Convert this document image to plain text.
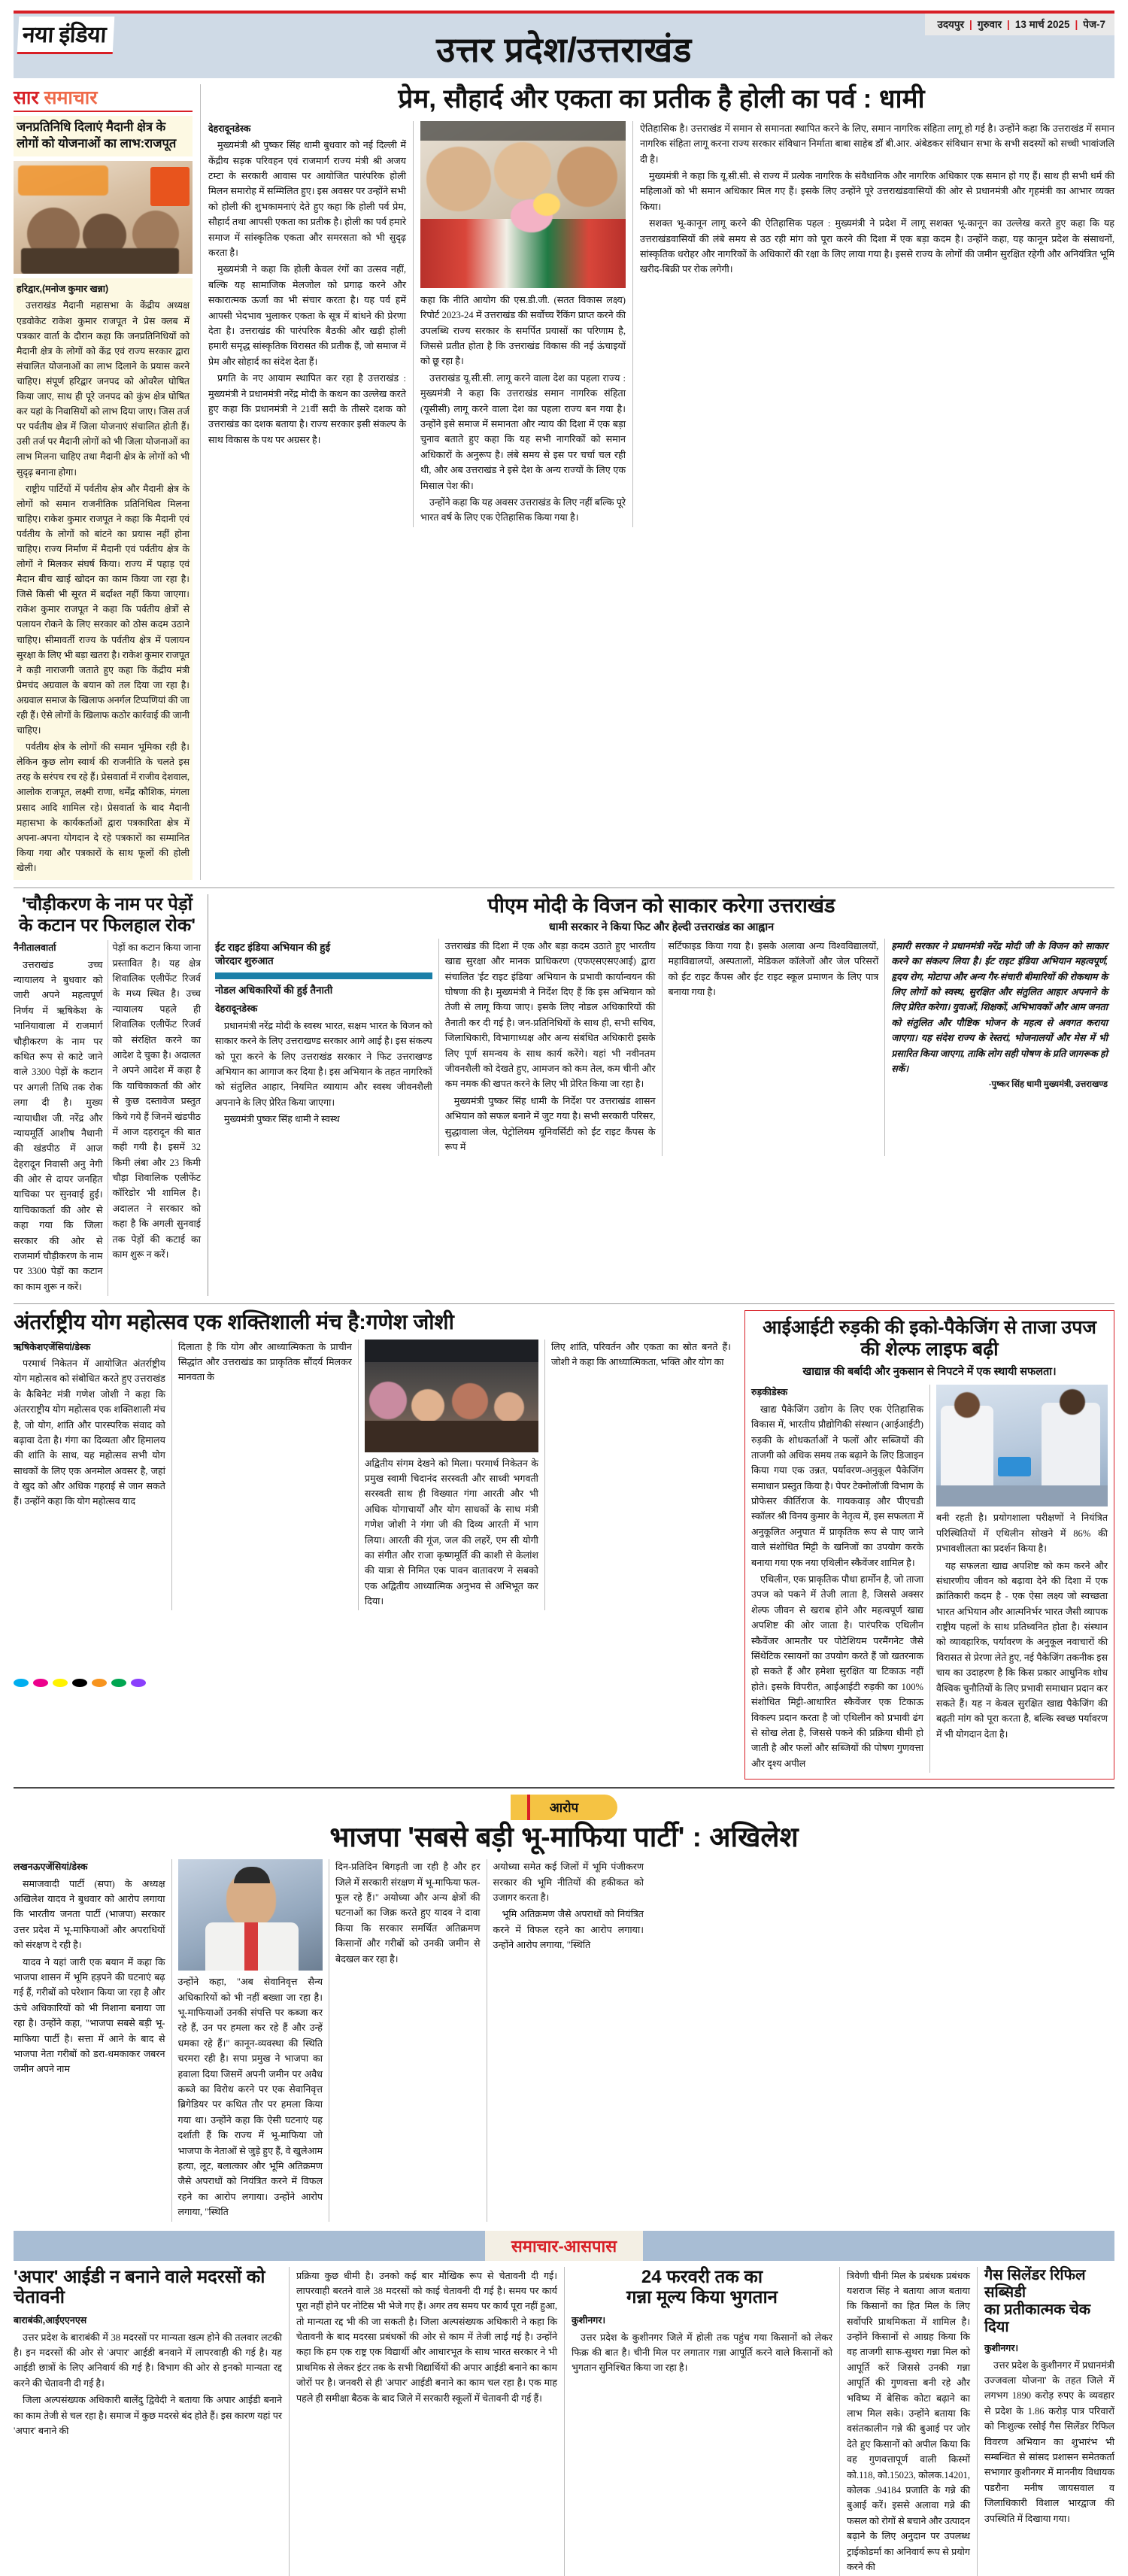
नया इंडिया	उत्तर प्रदेश/उत्तराखंड
उदयपुर | गुरुवार | 13 मार्च 2025 | पेज-7
सार समाचार
जनप्रतिनिधि दिलाएं मैदानी क्षेत्र के लोगों को योजनाओं का लाभ:राजपूत

हरिद्वार,(मनोज कुमार खन्ना)

उत्तराखंड मैदानी महासभा के केंद्रीय अध्यक्ष एडवोकेट राकेश कुमार राजपूत ने प्रेस क्लब में पत्रकार वार्ता के दौरान कहा कि जनप्रतिनिधियों को मैदानी क्षेत्र के लोगों को केंद्र एवं राज्य सरकार द्वारा संचालित योजनाओं का लाभ दिलाने के प्रयास करने चाहिए। संपूर्ण हरिद्वार जनपद को ओवरैल घोषित किया जाए, साथ ही पूरे जनपद को कुंभ क्षेत्र घोषित कर यहां के निवासियों को लाभ दिया जाए। जिस तर्ज पर पर्वतीय क्षेत्र में जिला योजनाएं संचालित होती हैं। उसी तर्ज पर मैदानी लोगों को भी जिला योजनाओं का लाभ मिलना चाहिए तथा मैदानी क्षेत्र के लोगों को भी सुदृढ़ बनाना होगा।

राष्ट्रीय पार्टियों में पर्वतीय क्षेत्र और मैदानी क्षेत्र के लोगों को समान राजनीतिक प्रतिनिधित्व मिलना चाहिए। राकेश कुमार राजपूत ने कहा कि मैदानी एवं पर्वतीय के लोगों को बांटने का प्रयास नहीं होना चाहिए। राज्य निर्माण में मैदानी एवं पर्वतीय क्षेत्र के लोगों ने मिलकर संघर्ष किया। राज्य में पहाड़ एवं मैदान बीच खाई खोदन का काम किया जा रहा है। जिसे किसी भी सूरत में बर्दाश्त नहीं किया जाएगा। राकेश कुमार राजपूत ने कहा कि पर्वतीय क्षेत्रों से पलायन रोकने के लिए सरकार को ठोस कदम उठाने चाहिए। सीमावर्ती राज्य के पर्वतीय क्षेत्र में पलायन सुरक्षा के लिए भी बड़ा खतरा है। राकेश कुमार राजपूत ने कड़ी नाराजगी जताते हुए कहा कि केंद्रीय मंत्री प्रेमचंद अग्रवाल के बयान को तल दिया जा रहा है। अग्रवाल समाज के खिलाफ अनर्गल टिप्पणियां की जा रही हैं। ऐसे लोगों के खिलाफ कठोर कार्रवाई की जानी चाहिए।

पर्वतीय क्षेत्र के लोगों की समान भूमिका रही है। लेकिन कुछ लोग स्वार्थ की राजनीति के चलते इस तरह के सरंपच रच रहे हैं। प्रेसवार्ता में राजीव देशवाल, आलोक राजपूत, लक्ष्मी राणा, धर्मेंद्र कौशिक, मंगला प्रसाद आदि शामिल रहे। प्रेसवार्ता के बाद मैदानी महासभा के कार्यकर्ताओं द्वारा पत्रकारिता क्षेत्र में अपना-अपना योगदान दे रहे पत्रकारों का सम्मानित किया गया और पत्रकारों के साथ फूलों की होली खेली।

प्रेम, सौहार्द और एकता का प्रतीक है होली का पर्व : धामी

देहरादूनडेस्क

मुख्यमंत्री श्री पुष्कर सिंह धामी बुधवार को नई दिल्ली में केंद्रीय सड़क परिवहन एवं राजमार्ग राज्य मंत्री श्री अजय टम्टा के सरकारी आवास पर आयोजित पारंपरिक होली मिलन समारोह में सम्मिलित हुए। इस अवसर पर उन्होंने सभी को होली की शुभकामनाएं देते हुए कहा कि होली पर्व प्रेम, सौहार्द तथा आपसी एकता का प्रतीक है। होली का पर्व हमारे समाज में सांस्कृतिक एकता और समरसता को भी सुदृढ़ करता है।

मुख्यमंत्री ने कहा कि होली केवल रंगों का उत्सव नहीं, बल्कि यह सामाजिक मेलजोल को प्रगाढ़ करने और सकारात्मक ऊर्जा का भी संचार करता है। यह पर्व हमें आपसी भेदभाव भुलाकर एकता के सूत्र में बांधने की प्रेरणा देता है। उत्तराखंड की पारंपरिक बैठकी और खड़ी होली हमारी समृद्ध सांस्कृतिक विरासत की प्रतीक हैं, जो समाज में प्रेम और सोहार्द का संदेश देता हैं।

प्रगति के नए आयाम स्थापित कर रहा है उत्तराखंड : मुख्यमंत्री ने प्रधानमंत्री नरेंद्र मोदी के कथन का उल्लेख करते हुए कहा कि प्रधानमंत्री ने 21वीं सदी के तीसरे दशक को उत्तराखंड का दशक बताया है। राज्य सरकार इसी संकल्प के साथ विकास के पथ पर अग्रसर है।

कहा कि नीति आयोग की एस.डी.जी. (सतत विकास लक्ष्य) रिपोर्ट 2023-24 में उत्तराखंड की सर्वोच्च रैंकिंग प्राप्त करने की उपलब्धि राज्य सरकार के समर्पित प्रयासों का परिणाम है, जिससे प्रतीत होता है कि उत्तराखंड विकास की नई ऊंचाइयों को छू रहा है।

उत्तराखंड यू.सी.सी. लागू करने वाला देश का पहला राज्य : मुख्यमंत्री ने कहा कि उत्तराखंड समान नागरिक संहिता (यूसीसी) लागू करने वाला देश का पहला राज्य बन गया है। उन्होंने इसे समाज में समानता और न्याय की दिशा में एक बड़ा चुनाव बताते हुए कहा कि यह सभी नागरिकों को समान अधिकारों के अनुरूप है। लंबे समय से इस पर चर्चा चल रही थी, और अब उत्तराखंड ने इसे देश के अन्य राज्यों के लिए एक मिसाल पेश की।

उन्होंने कहा कि यह अवसर उत्तराखंड के लिए नहीं बल्कि पूरे भारत वर्ष के लिए एक ऐतिहासिक किया गया है।

ऐतिहासिक है। उत्तराखंड में समान से समानता स्थापित करने के लिए, समान नागरिक संहिता लागू हो गई है। उन्होंने कहा कि उत्तराखंड में समान नागरिक संहिता लागू करना राज्य सरकार संविधान निर्माता बाबा साहेब डॉ बी.आर. अंबेडकर संविधान सभा के सभी सदस्यों को सच्ची भावांजलि दी है।

मुख्यमंत्री ने कहा कि यू.सी.सी. से राज्य में प्रत्येक नागरिक के संवैधानिक और नागरिक अधिकार एक समान हो गए हैं। साथ ही सभी धर्म की महिलाओं को भी समान अधिकार मिल गए हैं। इसके लिए उन्होंने पूरे उत्तराखंडवासियों की ओर से प्रधानमंत्री और गृहमंत्री का आभार व्यक्त किया।

सशक्त भू-कानून लागू करने की ऐतिहासिक पहल : मुख्यमंत्री ने प्रदेश में लागू सशक्त भू-कानून का उल्लेख करते हुए कहा कि यह उत्तराखंडवासियों की लंबे समय से उठ रही मांग को पूरा करने की दिशा में एक बड़ा कदम है। उन्होंने कहा, यह कानून प्रदेश के संसाधनों, सांस्कृतिक धरोहर और नागरिकों के अधिकारों की रक्षा के लिए लाया गया है। इससे राज्य के लोगों की जमीन सुरक्षित रहेगी और अनियंत्रित भूमि खरीद-बिक्री पर रोक लगेगी।

'चौड़ीकरण के नाम पर पेड़ों
के कटान पर फिलहाल रोक'

नैनीतालवार्ता

उत्तराखंड उच्च न्यायालय ने बुधवार को जारी अपने महत्वपूर्ण निर्णय में ऋषिकेश के भानियावाला में राजमार्ग चौड़ीकरण के नाम पर कथित रूप से काटे जाने वाले 3300 पेड़ों के कटान पर अगली तिथि तक रोक लगा दी है। मुख्य न्यायाधीश जी. नरेंद्र और न्यायमूर्ति आशीष नैथानी की खंडपीठ में आज देहरादून निवासी अनु नेगी की ओर से दायर जनहित याचिका पर सुनवाई हुई। याचिकाकर्ता की ओर से कहा गया कि जिला सरकार की ओर से राजमार्ग चौड़ीकरण के नाम पर 3300 पेड़ों का कटान का काम शुरू न करें।

पेड़ों का कटान किया जाना प्रस्तावित है। यह क्षेत्र शिवालिक एलीफेंट रिजर्व के मध्य स्थित है। उच्च न्यायालय पहले ही शिवालिक एलीफेंट रिजर्व को संरक्षित करने का आदेश दे चुका है। अदालत ने अपने आदेश में कहा है कि याचिकाकर्ता की ओर से कुछ दस्तावेज प्रस्तुत किये गये हैं जिनमें खंडपीठ में आज दहरादून की बात कही गयी है। इसमें 32 किमी लंबा और 23 किमी चौड़ा शिवालिक एलीफेंट कॉरिडोर भी शामिल है। अदालत ने सरकार को कहा है कि अगली सुनवाई तक पेड़ों की कटाई का काम शुरू न करें।

पीएम मोदी के विजन को साकार करेगा उत्तराखंड
धामी सरकार ने किया फिट और हेल्दी उत्तराखंड का आह्वान
ईट राइट इंडिया अभियान की हुई
जोरदार शुरुआत
नोडल अधिकारियों की हुई तैनाती

देहरादूनडेस्क

प्रधानमंत्री नरेंद्र मोदी के स्वस्थ भारत, सक्षम भारत के विजन को साकार करने के लिए उत्तराखण्ड सरकार आगे आई है। इस संकल्प को पूरा करने के लिए उत्तराखंड सरकार ने फिट उत्तराखण्ड अभियान का आगाज कर दिया है। इस अभियान के तहत नागरिकों को संतुलित आहार, नियमित व्यायाम और स्वस्थ जीवनशैली अपनाने के लिए प्रेरित किया जाएगा।

मुख्यमंत्री पुष्कर सिंह धामी ने स्वस्थ

उत्तराखंड की दिशा में एक और बड़ा कदम उठाते हुए भारतीय खाद्य सुरक्षा और मानक प्राधिकरण (एफएसएसएआई) द्वारा संचालित 'ईट राइट इंडिया' अभियान के प्रभावी कार्यान्वयन की घोषणा की है। मुख्यमंत्री ने निर्देश दिए हैं कि इस अभियान को तेजी से लागू किया जाए। इसके लिए नोडल अधिकारियों की तैनाती कर दी गई है। जन-प्रतिनिधियों के साथ ही, सभी सचिव, जिलाधिकारी, विभागाध्यक्ष और अन्य संबंधित अधिकारी इसके लिए पूर्ण समन्वय के साथ कार्य करेंगे। यहां भी नवीनतम जीवनशैली को देखते हुए, आमजन को कम तेल, कम चीनी और कम नमक की खपत करने के लिए भी प्रेरित किया जा रहा है।

मुख्यमंत्री पुष्कर सिंह धामी के निर्देश पर उत्तराखंड शासन अभियान को सफल बनाने में जुट गया है। सभी सरकारी परिसर, सुद्धावाला जेल, पेट्रोलियम यूनिवर्सिटी को ईट राइट कैंपस के रूप में

सर्टिफाइड किया गया है। इसके अलावा अन्य विश्वविद्यालयों, महाविद्यालयों, अस्पतालों, मेडिकल कॉलेजों और जेल परिसरों को ईट राइट कैंपस और ईट राइट स्कूल प्रमाणन के लिए पात्र बनाया गया है।

हमारी सरकार ने प्रधानमंत्री नरेंद्र मोदी जी के विजन को साकार करने का संकल्प लिया है। ईट राइट इंडिया अभियान महत्वपूर्ण, हृदय रोग, मोटापा और अन्य गैर-संचारी बीमारियों की रोकथाम के लिए लोगों को स्वस्थ, सुरक्षित और संतुलित आहार अपनाने के लिए प्रेरित करेगा। युवाओं, शिक्षकों, अभिभावकों और आम जनता को संतुलित और पौष्टिक भोजन के महत्व से अवगत कराया जाएगा। यह संदेश राज्य के रेस्तरां, भोजनालयों और मेस में भी प्रसारित किया जाएगा, ताकि लोग सही पोषण के प्रति जागरूक हो सकें।

-पुष्कर सिंह धामी मुख्यमंत्री, उत्तराखण्ड

अंतर्राष्ट्रीय योग महोत्सव एक शक्तिशाली मंच है:गणेश जोशी

ऋषिकेशएजेंसियां/डेस्क

परमार्थ निकेतन में आयोजित अंतर्राष्ट्रीय योग महोत्सव को संबोधित करते हुए उत्तराखंड के कैबिनेट मंत्री गणेश जोशी ने कहा कि अंतरराष्ट्रीय योग महोत्सव एक शक्तिशाली मंच है, जो योग, शांति और पारस्परिक संवाद को बढ़ावा देता है। गंगा का दिव्यता और हिमालय की शांति के साथ, यह महोत्सव सभी योग साधकों के लिए एक अनमोल अवसर है, जहां वे खुद को और अधिक गहराई से जान सकते हैं। उन्होंने कहा कि योग महोत्सव याद

दिलाता है कि योग और आध्यात्मिकता के प्राचीन सिद्धांत और उत्तराखंड का प्राकृतिक सौंदर्य मिलकर मानवता के

अद्वितीय संगम देखने को मिला। परमार्थ निकेतन के प्रमुख स्वामी चिदानंद सरस्वती और साध्वी भगवती सरस्वती साथ ही विख्यात गंगा आरती और भी अधिक योगाचार्यों और योग साधकों के साथ मंत्री गणेश जोशी ने गंगा जी की दिव्य आरती में भाग लिया। आरती की गूंज, जल की लहरें, एम सी योगी का संगीत और राजा कृष्णमूर्ति की काशी से केलांश की यात्रा से निमित एक पावन वातावरण ने सबको एक अद्वितीय आध्यात्मिक अनुभव से अभिभूत कर दिया।

लिए शांति, परिवर्तन और एकता का स्रोत बनते हैं। जोशी ने कहा कि आध्यात्मिकता, भक्ति और योग का

आईआईटी रुड़की की इको-पैकेजिंग से ताजा उपज की शेल्फ लाइफ बढ़ी
खाद्यान्न की बर्बादी और नुकसान से निपटने में एक स्थायी सफलता।

रुड़कीडेस्क

खाद्य पैकेजिंग उद्योग के लिए एक ऐतिहासिक विकास में, भारतीय प्रौद्योगिकी संस्थान (आईआईटी) रुड़की के शोधकर्ताओं ने फलों और सब्जियों की ताजगी को अधिक समय तक बढ़ाने के लिए डिजाइन किया गया एक उन्नत, पर्यावरण-अनुकूल पैकेजिंग समाधान प्रस्तुत किया है। पेपर टेक्नोलॉजी विभाग के प्रोफेसर कीर्तिराज के. गायकवाड़ और पीएचडी स्कॉलर श्री विनय कुमार के नेतृत्व में, इस सफलता में अनुकूलित अनुपात में प्राकृतिक रूप से पाए जाने वाले संशोधित मिट्टी के खनिजों का उपयोग करके बनाया गया एक नया एथिलीन स्कैवेंजर शामिल है।

एथिलीन, एक प्राकृतिक पौधा हार्मोन है, जो ताजा उपज को पकने में तेजी लाता है, जिससे अक्सर शेल्फ जीवन से खराब होने और महत्वपूर्ण खाद्य अपशिष्ट की ओर जाता है। पारंपरिक एथिलीन स्कैवेंजर आमतौर पर पोटेशियम परमैंगनेट जैसे सिंथेटिक रसायनों का उपयोग करते हैं जो खतरनाक हो सकते हैं और हमेशा सुरक्षित या टिकाऊ नहीं होते। इसके विपरीत, आईआईटी रुड़की का 100% संशोधित मिट्टी-आधारित स्कैवेंजर एक टिकाऊ विकल्प प्रदान करता है जो एथिलीन को प्रभावी ढंग से सोख लेता है, जिससे पकने की प्रक्रिया धीमी हो जाती है और फलों और सब्जियों की पोषण गुणवत्ता और दृश्य अपील

बनी रहती है। प्रयोगशाला परीक्षणों ने नियंत्रित परिस्थितियों में एथिलीन सोखने में 86% की प्रभावशीलता का प्रदर्शन किया है।

यह सफलता खाद्य अपशिष्ट को कम करने और संधारणीय जीवन को बढ़ावा देने की दिशा में एक क्रांतिकारी कदम है - एक ऐसा लक्ष्य जो स्वच्छता भारत अभियान और आत्मनिर्भर भारत जैसी व्यापक राष्ट्रीय पहलों के साथ प्रतिध्वनित होता है। संस्थान को व्यावहारिक, पर्यावरण के अनुकूल नवाचारों की विरासत से प्रेरणा लेते हुए, नई पैकेजिंग तकनीक इस चाय का उदाहरण है कि किस प्रकार आधुनिक शोध वैश्विक चुनौतियों के लिए प्रभावी समाधान प्रदान कर सकते हैं। यह न केवल सुरक्षित खाद्य पैकेजिंग की बढ़ती मांग को पूरा करता है, बल्कि स्वच्छ पर्यावरण में भी योगदान देता है।

आरोप
भाजपा 'सबसे बड़ी भू-माफिया पार्टी' : अखिलेश

लखनऊएजेंसियां/डेस्क

समाजवादी पार्टी (सपा) के अध्यक्ष अखिलेश यादव ने बुधवार को आरोप लगाया कि भारतीय जनता पार्टी (भाजपा) सरकार उत्तर प्रदेश में भू-माफियाओं और अपराधियों को संरक्षण दे रही है।

यादव ने यहां जारी एक बयान में कहा कि भाजपा शासन में भूमि हड़पने की घटनाएं बढ़ गई हैं, गरीबों को परेशान किया जा रहा है और ऊंचे अधिकारियों को भी निशाना बनाया जा रहा है। उन्होंने कहा, "भाजपा सबसे बड़ी भू-माफिया पार्टी है। सत्ता में आने के बाद से भाजपा नेता गरीबों को डरा-धमकाकर जबरन जमीन अपने नाम

उन्होंने कहा, "अब सेवानिवृत्त सैन्य अधिकारियों को भी नहीं बख्शा जा रहा है। भू-माफियाओं उनकी संपत्ति पर कब्जा कर रहे हैं, उन पर हमला कर रहे हैं और उन्हें धमका रहे हैं।" कानून-व्यवस्था की स्थिति चरमरा रही है। सपा प्रमुख ने भाजपा का हवाला दिया जिसमें अपनी जमीन पर अवैध कब्जे का विरोध करने पर एक सेवानिवृत्त ब्रिगेडियर पर कथित तौर पर हमला किया गया था। उन्होंने कहा कि ऐसी घटनाएं यह दर्शाती हैं कि राज्य में भू-माफिया जो भाजपा के नेताओं से जुड़े हुए हैं, वे खुलेआम हत्या, लूट, बलात्कार और भूमि अतिक्रमण जैसे अपराधों को नियंत्रित करने में विफल रहने का आरोप लगाया। उन्होंने आरोप लगाया, "स्थिति

दिन-प्रतिदिन बिगड़ती जा रही है और हर जिले में सरकारी संरक्षण में भू-माफिया फल-फूल रहे हैं।" अयोध्या और अन्य क्षेत्रों की घटनाओं का जिक्र करते हुए यादव ने दावा किया कि सरकार समर्थित अतिक्रमण किसानों और गरीबों को उनकी जमीन से बेदखल कर रहा है।

अयोध्या समेत कई जिलों में भूमि पंजीकरण सरकार की भूमि नीतियों की हकीकत को उजागर करता है।

भूमि अतिक्रमण जैसे अपराधों को नियंत्रित करने में विफल रहने का आरोप लगाया। उन्होंने आरोप लगाया, "स्थिति

समाचार-आसपास
'अपार' आईडी न बनाने वाले मदरसों को चेतावनी

बाराबंकी,आईएएनएस

उत्तर प्रदेश के बाराबंकी में 38 मदरसों पर मान्यता खत्म होने की तलवार लटकी है। इन मदरसों की ओर से 'अपार' आईडी बनवाने में लापरवाही की गई है। यह आईडी छात्रों के लिए अनिवार्य की गई है। विभाग की ओर से इनको मान्यता रद्द करने की चेतावनी दी गई है।

जिला अल्पसंख्यक अधिकारी बालेंदु द्विवेदी ने बताया कि अपार आईडी बनाने का काम तेजी से चल रहा है। समाज में कुछ मदरसे बंद होते हैं। इस कारण यहां पर 'अपार' बनाने की

प्रक्रिया कुछ धीमी है। उनको कई बार मौखिक रूप से चेतावनी दी गई। लापरवाही बरतने वाले 38 मदरसों को काई चेतावनी दी गई है। समय पर कार्य पूरा नहीं होने पर नोटिस भी भेजे गए हैं। अगर तय समय पर कार्य पूरा नहीं हुआ, तो मान्यता रद्द भी की जा सकती है। जिला अल्पसंख्यक अधिकारी ने कहा कि चेतावनी के बाद मदरसा प्रबंधकों की ओर से काम में तेजी लाई गई है। उन्होंने कहा कि हम एक राष्ट्र एक विद्यार्थी और आधारभूत के साथ भारत सरकार ने भी प्राथमिक से लेकर इंटर तक के सभी विद्यार्थियों की अपार आईडी बनाने का काम जोरों पर है। जनवरी से ही 'अपार' आईडी बनाने का काम चल रहा है। एक माह पहले ही समीक्षा बैठक के बाद जिले में सरकारी स्कूलों में चेतावनी दी गई हैं।

24 फरवरी तक का
गन्ना मूल्य किया भुगतान

कुशीनगर।

उत्तर प्रदेश के कुशीनगर जिले में होली तक पहुंच गया किसानों को लेकर फिक्र की बात है। चीनी मिल पर लगातार गन्ना आपूर्ति करने वाले किसानों को भुगतान सुनिश्चित किया जा रहा है।

त्रिवेणी चीनी मिल के प्रबंधक प्रबंधक यशराज सिंह ने बताया आज बताया कि किसानों का हित मिल के लिए सर्वोपरि प्राथमिकता में शामिल है। उन्होंने किसानों से आग्रह किया कि वह ताजगी साफ-सुथरा गन्ना मिल को आपूर्ति करें जिससे उनकी गन्ना आपूर्ति की गुणवत्ता बनी रहे और भविष्य में बेसिक कोटा बढ़ाने का लाभ मिल सके। उन्होंने बताया कि वसंतकालीन गन्ने की बुआई पर जोर देते हुए किसानों को अपील किया कि वह गुणवत्तापूर्ण वाली किस्मों को.118, को.15023, कोलक.14201, कोलक .94184 प्रजाति के गन्ने की बुआई करें। इससे अलावा गन्ने की फसल को रोगों से बचाने और उत्पादन बढ़ाने के लिए अनुदान पर उपलब्ध ट्राईकोडर्मा का अनिवार्य रूप से प्रयोग करने की

गैस सिलेंडर रिफिल सब्सिडी
का प्रतीकात्मक चेक दिया

कुशीनगर।

उत्तर प्रदेश के कुशीनगर में प्रधानमंत्री उज्जवला योजना' के तहत जिले में लगभग 1890 करोड़ रुपए के व्यवहार से प्रदेश के 1.86 करोड़ पात्र परिवारों को निःशुल्क रसोई गैस सिलेंडर रिफिल विवरण अभियान का शुभारंभ भी सम्बन्धित से सांसद प्रशासन समेतकर्ता सभागार कुशीनगर में माननीय विधायक पडरौना मनीष जायसवाल व जिलाधिकारी विशाल भारद्वाज की उपस्थिति में दिखाया गया।
